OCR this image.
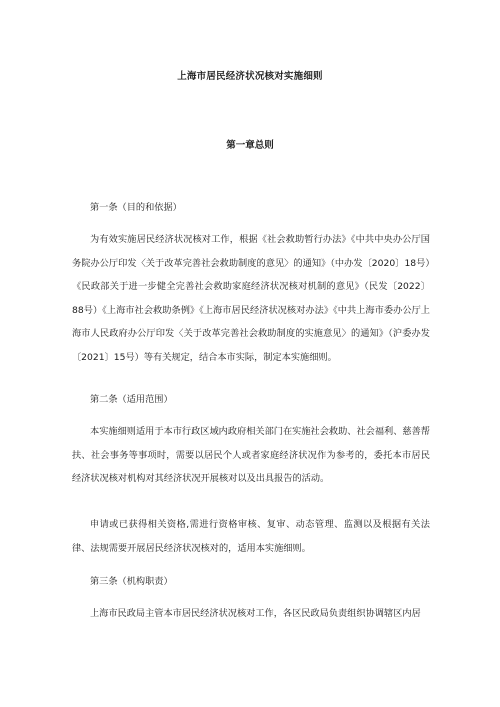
上海市居民经济状况核对实施细则
第一章总则

第一条（目的和依据）

为有效实施居民经济状况核对工作，根据《社会救助暂行办法》《中共中央办公厅国务院办公厅印发〈关于改革完善社会救助制度的意见〉的通知》（中办发〔2020〕18号）《民政部关于进一步健全完善社会救助家庭经济状况核对机制的意见》（民发〔2022〕88号）《上海市社会救助条例》《上海市居民经济状况核对办法》《中共上海市委办公厅上海市人民政府办公厅印发〈关于改革完善社会救助制度的实施意见〉的通知》（沪委办发〔2021〕15号）等有关规定，结合本市实际，制定本实施细则。

第二条（适用范围）

本实施细则适用于本市行政区域内政府相关部门在实施社会救助、社会福利、慈善帮扶、社会事务等事项时，需要以居民个人或者家庭经济状况作为参考的，委托本市居民经济状况核对机构对其经济状况开展核对以及出具报告的活动。

申请或已获得相关资格,需进行资格审核、复审、动态管理、监测以及根据有关法律、法规需要开展居民经济状况核对的，适用本实施细则。

第三条（机构职责）

上海市民政局主管本市居民经济状况核对工作，各区民政局负责组织协调辖区内居
